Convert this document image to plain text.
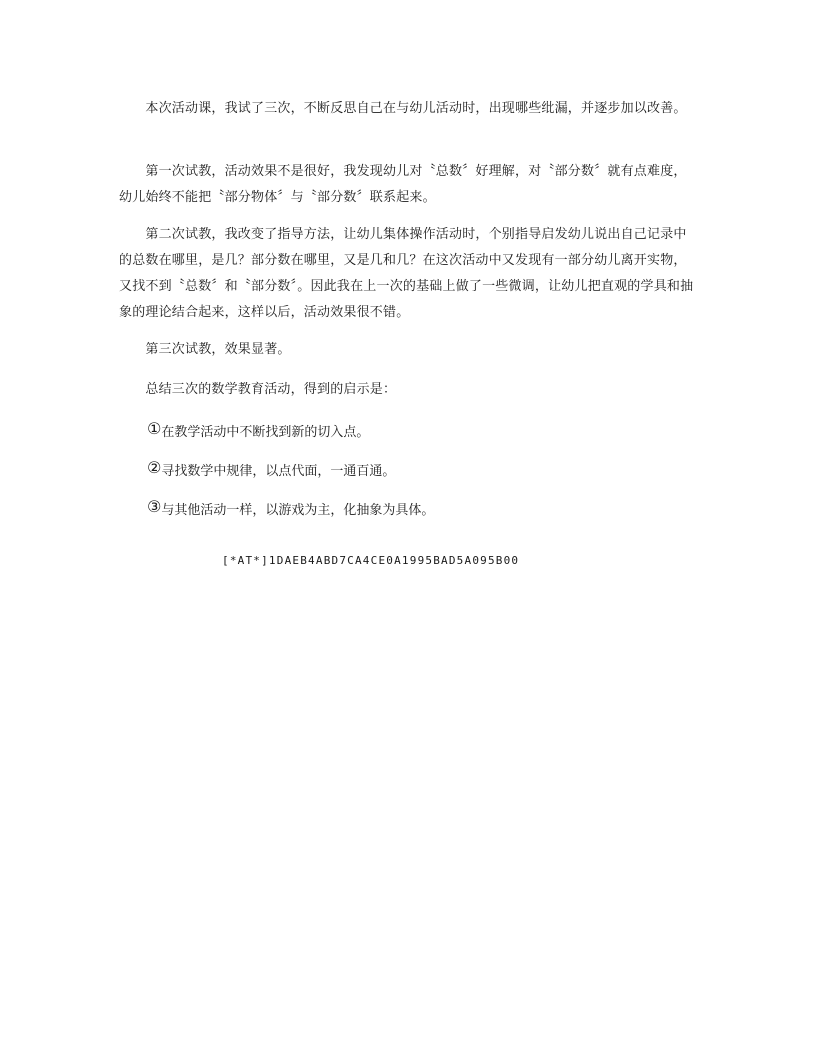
　　本次活动课，我试了三次，不断反思自己在与幼儿活动时，出现哪些纰漏，并逐步加以改善。

　　第一次试教，活动效果不是很好，我发现幼儿对〝总数〞好理解，对〝部分数〞就有点难度，幼儿始终不能把〝部分物体〞与〝部分数〞联系起来。

　　第二次试教，我改变了指导方法，让幼儿集体操作活动时，个别指导启发幼儿说出自己记录中的总数在哪里，是几？部分数在哪里，又是几和几？在这次活动中又发现有一部分幼儿离开实物，又找不到〝总数〞和〝部分数〞。因此我在上一次的基础上做了一些微调，让幼儿把直观的学具和抽象的理论结合起来，这样以后，活动效果很不错。

　　第三次试教，效果显著。

　　总结三次的数学教育活动，得到的启示是：

①在教学活动中不断找到新的切入点。

②寻找数学中规律，以点代面，一通百通。

③与其他活动一样，以游戏为主，化抽象为具体。

[*AT*]1DAEB4ABD7CA4CE0A1995BAD5A095B00
